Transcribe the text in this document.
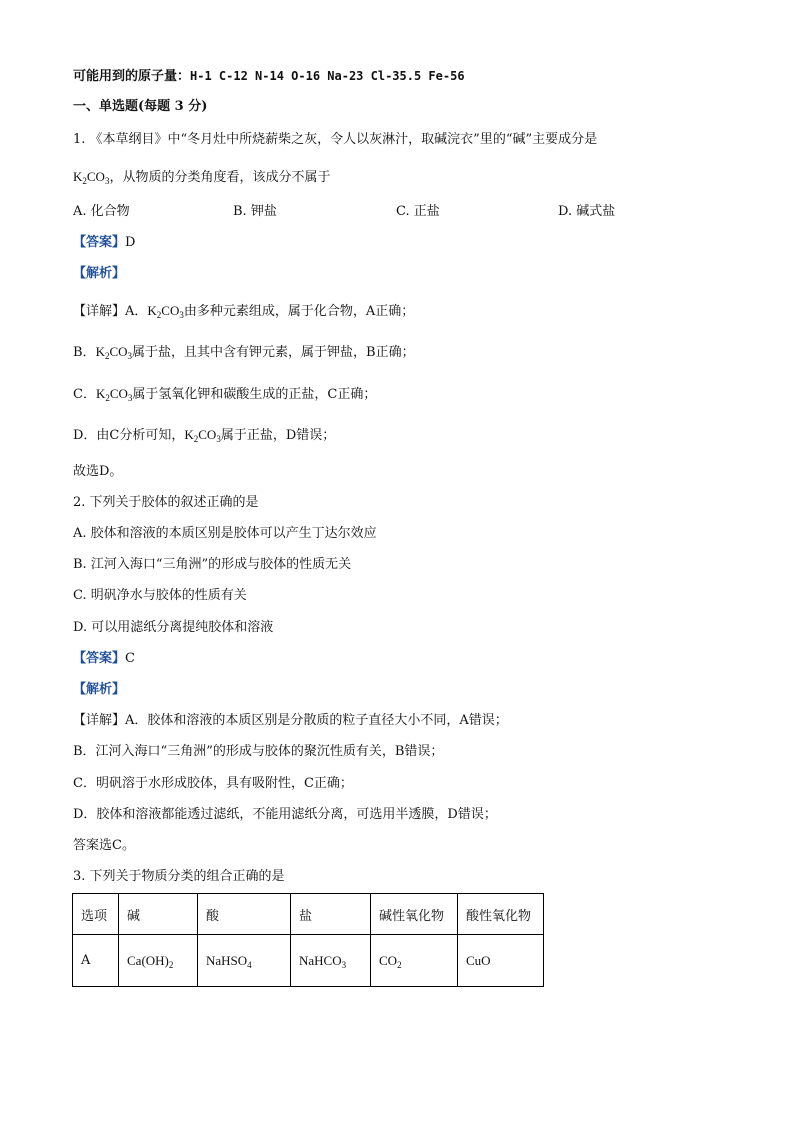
可能用到的原子量：H-1 C-12 N-14 O-16 Na-23 Cl-35.5 Fe-56
一、单选题(每题 3 分)
1. 《本草纲目》中“冬月灶中所烧薪柴之灰，令人以灰淋汁，取碱浣衣”里的“碱”主要成分是
$K_2CO_3$，从物质的分类角度看，该成分不属于
A. 化合物	B. 钾盐	C. 正盐	D. 碱式盐
【答案】D
【解析】
【详解】A．$K_2CO_3$由多种元素组成，属于化合物，A正确；
B．$K_2CO_3$属于盐，且其中含有钾元素，属于钾盐，B正确；
C．$K_2CO_3$属于氢氧化钾和碳酸生成的正盐，C正确；
D．由C分析可知，$K_2CO_3$属于正盐，D错误；
故选D。
2. 下列关于胶体的叙述正确的是
A. 胶体和溶液的本质区别是胶体可以产生丁达尔效应
B. 江河入海口“三角洲”的形成与胶体的性质无关
C. 明矾净水与胶体的性质有关
D. 可以用滤纸分离提纯胶体和溶液
【答案】C
【解析】
【详解】A．胶体和溶液的本质区别是分散质的粒子直径大小不同，A错误；
B．江河入海口“三角洲”的形成与胶体的聚沉性质有关，B错误；
C．明矾溶于水形成胶体，具有吸附性，C正确；
D．胶体和溶液都能透过滤纸，不能用滤纸分离，可选用半透膜，D错误；
答案选C。
3. 下列关于物质分类的组合正确的是
选项	碱	酸	盐	碱性氧化物	酸性氧化物
A	$Ca(OH)_2$	NaHSO$_4$	NaHCO$_3$	$CO_2$	CuO
